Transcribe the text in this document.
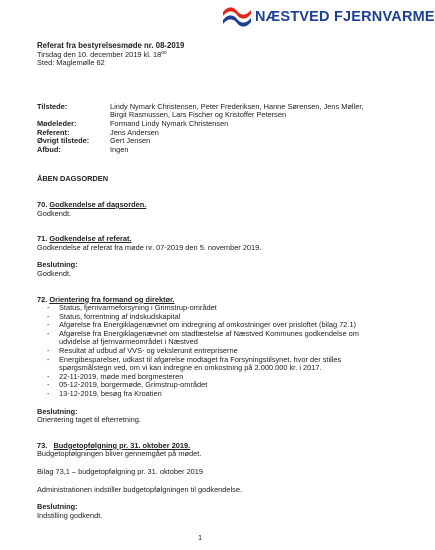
NÆSTVED FJERNVARME
Referat fra bestyrelsesmøde nr. 08-2019
Tirsdag den 10. december 2019 kl. $18^{00}$
Sted: Maglemølle 62
Tilstede:	Lindy Nymark Christensen, Peter Frederiksen, Hanne Sørensen, Jens Møller, Birgit Rasmussen, Lars Fischer og Kristoffer Petersen
Mødeleder:	Formand Lindy Nymark Christensen
Referent:	Jens Andersen
Øvrigt tilstede:	Gert Jensen
Afbud:	Ingen
ÅBEN DAGSORDEN
70. Godkendelse af dagsorden.
Godkendt.
71. Godkendelse af referat.
Godkendelse af referat fra møde nr. 07-2019 den 5. november 2019.
Beslutning:
Godkendt.
72. Orientering fra formand og direktør.
- Status, fjernvarmeforsyning i Grimstrup-området
- Status, forrentning af indskudskapital
- Afgørelse fra Energiklagenævnet om indregning af omkostninger over prisloftet (bilag 72.1)
- Afgørelse fra Energiklagenævnet om stadfæstelse af Næstved Kommunes godkendelse om udvidelse af fjernvarmeområdet i Næstved
- Resultat af udbud af VVS- og vekslerunit entrepriserne
- Energibesparelser, udkast til afgørelse modtaget fra Forsyningstilsynet, hvor der stilles spørgsmålstegn ved, om vi kan indregne en omkostning på 2.000.000 kr. i 2017.
- 22-11-2019, møde med borgmesteren
- 05-12-2019, borgermøde, Grimstrup-området
- 13-12-2019, besøg fra Kroatien
Beslutning:
Orientering taget til efterretning.
73. Budgetopfølgning pr. 31. oktober 2019.
Budgetopfølgningen bliver gennemgået på mødet.
Bilag 73,1 – budgetopfølgning pr. 31. oktober 2019
Administrationen indstiller budgetopfølgningen til godkendelse.
Beslutning:
Indstilling godkendt.
1
